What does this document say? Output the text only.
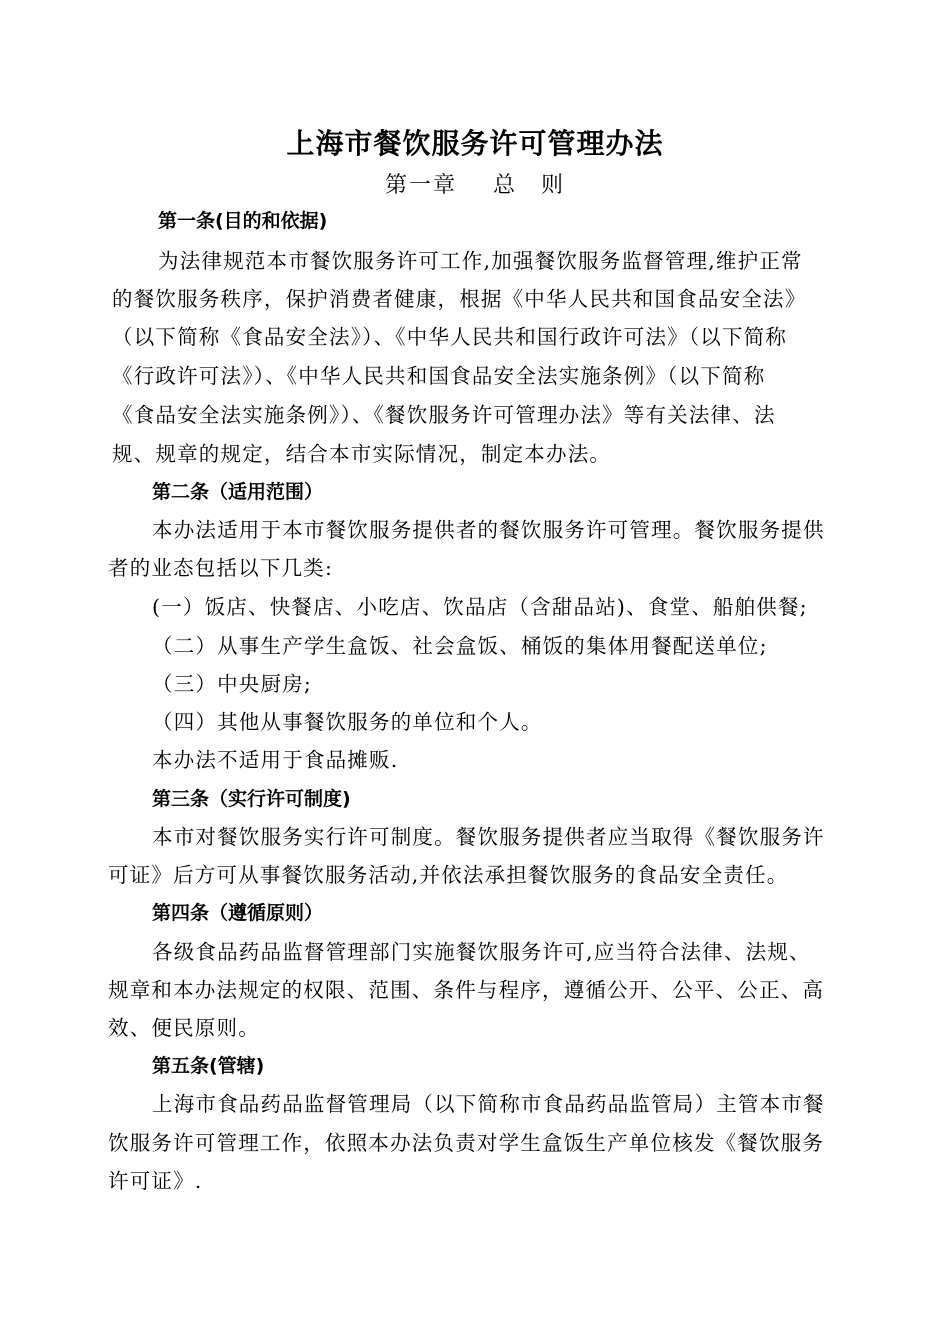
上海市餐饮服务许可管理办法
第一章 总 则
第一条(目的和依据)
为法律规范本市餐饮服务许可工作,加强餐饮服务监督管理,维护正常
的餐饮服务秩序，保护消费者健康，根据《中华人民共和国食品安全法》
（以下简称《食品安全法》）、《中华人民共和国行政许可法》（以下简称
《行政许可法》）、《中华人民共和国食品安全法实施条例》（以下简称
《食品安全法实施条例》）、《餐饮服务许可管理办法》等有关法律、法
规、规章的规定，结合本市实际情况，制定本办法。
第二条（适用范围）
本办法适用于本市餐饮服务提供者的餐饮服务许可管理。餐饮服务提供
者的业态包括以下几类:
(一）饭店、快餐店、小吃店、饮品店（含甜品站)、食堂、船舶供餐;
（二）从事生产学生盒饭、社会盒饭、桶饭的集体用餐配送单位;
（三）中央厨房;
（四）其他从事餐饮服务的单位和个人。
本办法不适用于食品摊贩.
第三条（实行许可制度)
本市对餐饮服务实行许可制度。餐饮服务提供者应当取得《餐饮服务许
可证》后方可从事餐饮服务活动,并依法承担餐饮服务的食品安全责任。
第四条（遵循原则）
各级食品药品监督管理部门实施餐饮服务许可,应当符合法律、法规、
规章和本办法规定的权限、范围、条件与程序，遵循公开、公平、公正、高
效、便民原则。
第五条(管辖)
上海市食品药品监督管理局（以下简称市食品药品监管局）主管本市餐
饮服务许可管理工作，依照本办法负责对学生盒饭生产单位核发《餐饮服务
许可证》.
